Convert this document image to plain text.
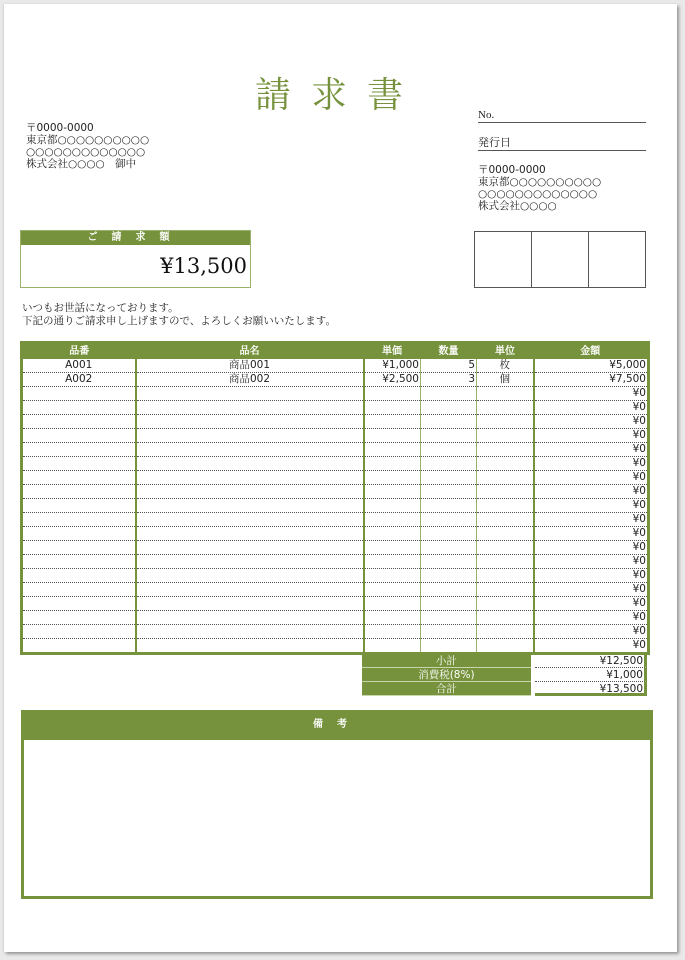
請求書
〒0000-0000
東京都○○○○○○○○○○
○○○○○○○○○○○○○
株式会社○○○○　御中
No.
発行日
〒0000-0000
東京都○○○○○○○○○○
○○○○○○○○○○○○○
株式会社○○○○
ご請求額
¥13,500
いつもお世話になっております。
下記の通りご請求申し上げますので、よろしくお願いいたします。
品番	品名	単価	数量	単位	金額
A001	商品001	¥1,000	5	枚	¥5,000
A002	商品002	¥2,500	3	個	¥7,500
					¥0
					¥0
					¥0
					¥0
					¥0
					¥0
					¥0
					¥0
					¥0
					¥0
					¥0
					¥0
					¥0
					¥0
					¥0
					¥0
					¥0
					¥0
					¥0
小計	¥12,500
消費税(8%)	¥1,000
合計	¥13,500
備考
